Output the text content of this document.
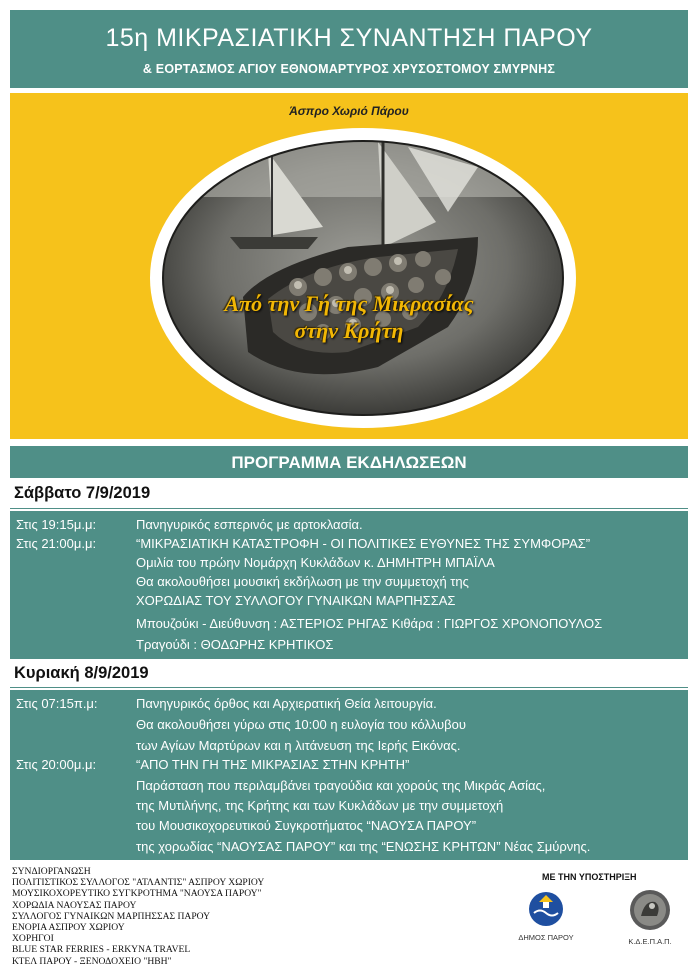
15η ΜΙΚΡΑΣΙΑΤΙΚΗ ΣΥΝΑΝΤΗΣΗ ΠΑΡΟΥ
& ΕΟΡΤΑΣΜΟΣ ΑΓΙΟΥ ΕΘΝΟΜΑΡΤΥΡΟΣ ΧΡΥΣΟΣΤΟΜΟΥ ΣΜΥΡΝΗΣ
Άσπρο Χωριό Πάρου
Από την Γή της Μικρασίας
στην Κρήτη
ΠΡΟΓΡΑΜΜΑ ΕΚΔΗΛΩΣΕΩΝ
Σάββατο 7/9/2019
Στις 19:15μ.μ:	Πανηγυρικός εσπερινός με αρτοκλασία.
Στις 21:00μ.μ:	“ΜΙΚΡΑΣΙΑΤΙΚΗ ΚΑΤΑΣΤΡΟΦΗ - ΟΙ ΠΟΛΙΤΙΚΕΣ ΕΥΘΥΝΕΣ ΤΗΣ ΣΥΜΦΟΡΑΣ”
Ομιλία του πρώην Νομάρχη Κυκλάδων κ. ΔΗΜΗΤΡΗ ΜΠΑΪΛΑ
Θα ακολουθήσει μουσική εκδήλωση με την συμμετοχή της
ΧΟΡΩΔΙΑΣ ΤΟΥ ΣΥΛΛΟΓΟΥ ΓΥΝΑΙΚΩΝ ΜΑΡΠΗΣΣΑΣ
Μπουζούκι - Διεύθυνση : ΑΣΤΕΡΙΟΣ ΡΗΓΑΣ Κιθάρα : ΓΙΩΡΓΟΣ ΧΡΟΝΟΠΟΥΛΟΣ
Τραγούδι : ΘΟΔΩΡΗΣ ΚΡΗΤΙΚΟΣ
Κυριακή 8/9/2019
Στις 07:15π.μ:	Πανηγυρικός όρθος και Αρχιερατική Θεία λειτουργία.
Θα ακολουθήσει γύρω στις 10:00 η ευλογία του κόλλυβου
των Αγίων Μαρτύρων και η λιτάνευση της Ιερής Εικόνας.
Στις 20:00μ.μ:	“ΑΠΟ ΤΗΝ ΓΗ ΤΗΣ ΜΙΚΡΑΣΙΑΣ ΣΤΗΝ ΚΡΗΤΗ”
Παράσταση που περιλαμβάνει τραγούδια και χορούς της Μικράς Ασίας,
της Μυτιλήνης, της Κρήτης και των Κυκλάδων με την συμμετοχή
του Μουσικοχορευτικού Συγκροτήματος “ΝΑΟΥΣΑ ΠΑΡΟΥ”
της χορωδίας “ΝΑΟΥΣΑΣ ΠΑΡΟΥ” και της “ΕΝΩΣΗΣ ΚΡΗΤΩΝ” Νέας Σμύρνης.
ΣΥΝΔΙΟΡΓΑΝΩΣΗ
ΠΟΛΙΤΙΣΤΙΚΟΣ ΣΥΛΛΟΓΟΣ "ΑΤΛΑΝΤΙΣ" ΑΣΠΡΟΥ ΧΩΡΙΟΥ
ΜΟΥΣΙΚΟΧΟΡΕΥΤΙΚΟ ΣΥΓΚΡΟΤΗΜΑ "ΝΑΟΥΣΑ ΠΑΡΟΥ"
ΧΟΡΩΔΙΑ ΝΑΟΥΣΑΣ ΠΑΡΟΥ
ΣΥΛΛΟΓΟΣ ΓΥΝΑΙΚΩΝ ΜΑΡΠΗΣΣΑΣ ΠΑΡΟΥ
ΕΝΟΡΙΑ ΑΣΠΡΟΥ ΧΩΡΙΟΥ
ΧΟΡΗΓΟΙ
BLUE STAR FERRIES - ERKYNA TRAVEL
ΚΤΕΛ ΠΑΡΟΥ - ΞΕΝΟΔΟΧΕΙΟ "ΗΒΗ"
ΜΕ ΤΗΝ ΥΠΟΣΤΗΡΙΞΗ
ΔΗΜΟΣ ΠΑΡΟΥ	Κ.Δ.Ε.Π.Α.Π.
